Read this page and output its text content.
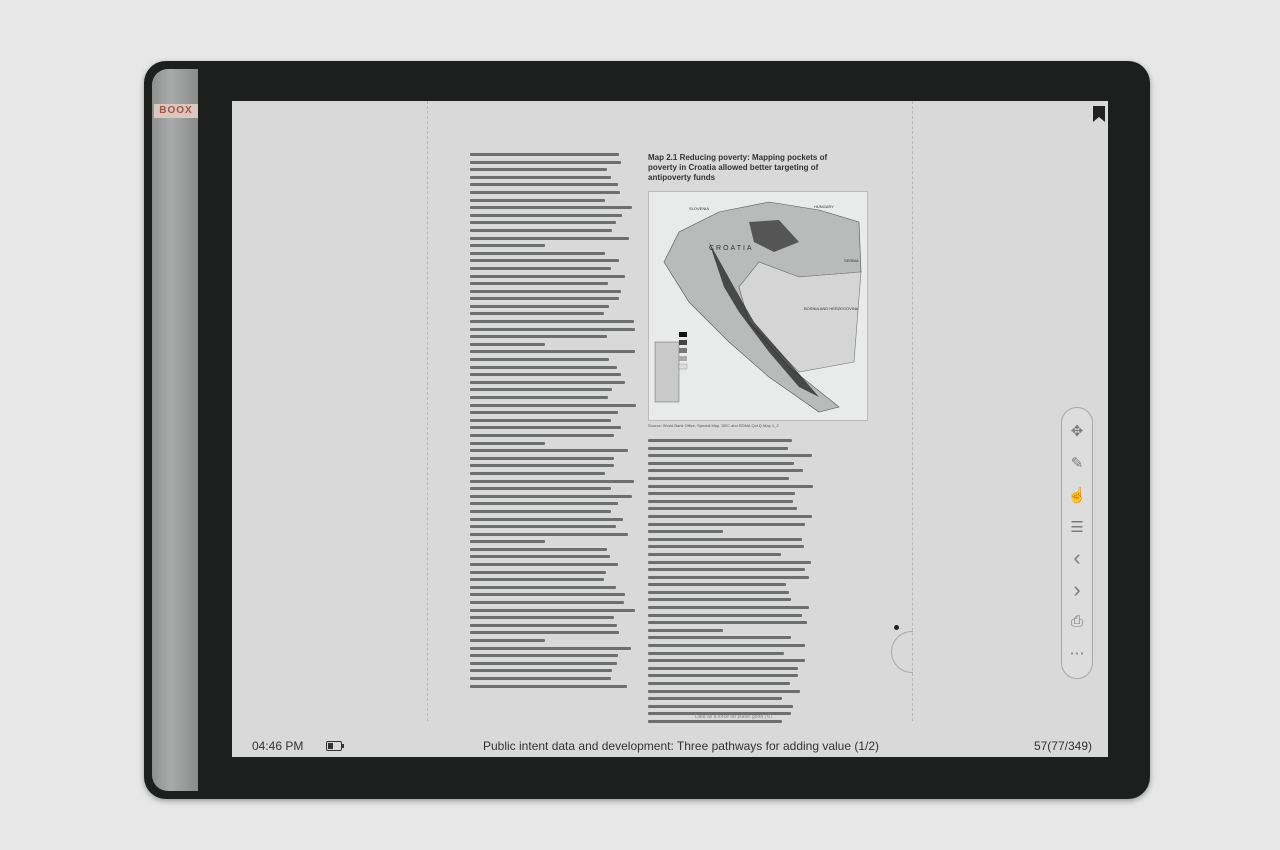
BOOX
Map 2.1 Reducing poverty: Mapping pockets of poverty in Croatia allowed better targeting of antipoverty funds
CROATIA
BOSNIA AND HERZEGOVINA
SLOVENIA	HUNGARY
SERBIA
Source: World Bank Office, Special Map, DEC and RDMA Qol.Q Map 1_2
Data as a force for public good | 67
✥
✎
☝
☰
‹
›
⎙
⋯
04:46 PM	Public intent data and development: Three pathways for adding value (1/2)	57(77/349)
